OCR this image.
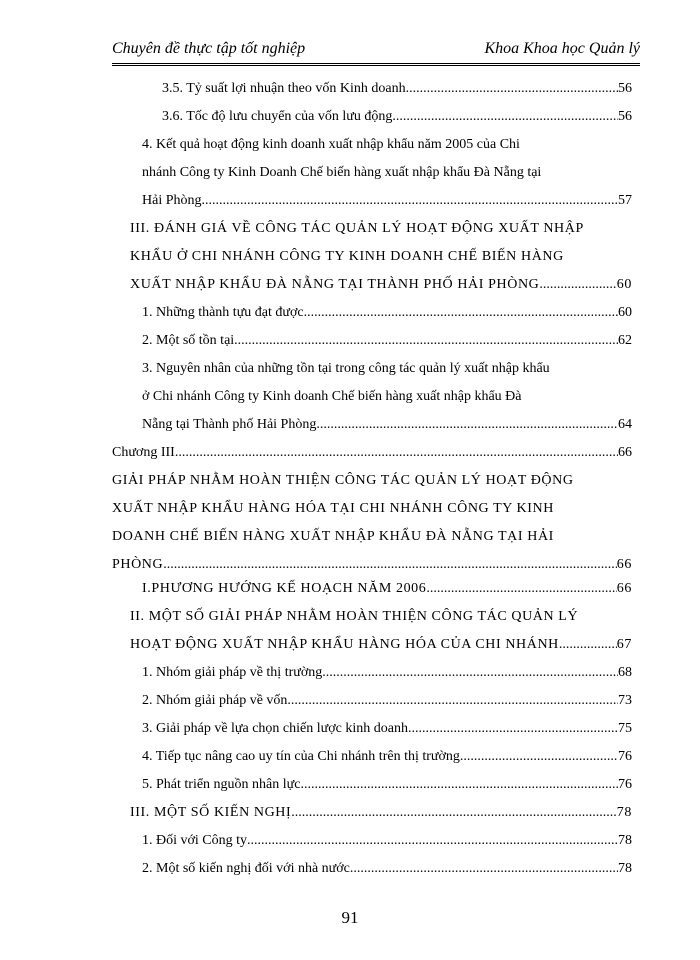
Chuyên đề thực tập tốt nghiệp	Khoa Khoa học Quản lý
3.5. Tỷ suất lợi nhuận theo vốn Kinh doanh. .....	56
3.6. Tốc độ lưu chuyển của vốn lưu động .....	56
4. Kết quả hoạt động kinh doanh xuất nhập khẩu năm 2005 của Chi
nhánh Công ty Kinh Doanh Chế biến hàng xuất nhập khẩu Đà Nẵng tại
Hải Phòng .....	57
III. ĐÁNH GIÁ VỀ CÔNG TÁC QUẢN LÝ HOẠT ĐỘNG XUẤT NHẬP
KHẨU Ở CHI NHÁNH CÔNG TY KINH DOANH CHẾ BIẾN HÀNG
XUẤT NHẬP KHẨU ĐÀ NẴNG TẠI THÀNH PHỐ HẢI PHÒNG .....	60
1. Những thành tựu đạt được .....	60
2. Một số tồn tại. .....	62
3. Nguyên nhân của những tồn tại trong công tác quản lý xuất nhập khẩu
ở Chi nhánh Công ty Kinh doanh Chế biến hàng xuất nhập khẩu Đà
Nẵng tại Thành phố Hải Phòng. .....	64
Chương III .....	66
GIẢI PHÁP NHẰM HOÀN THIỆN CÔNG TÁC QUẢN LÝ HOẠT ĐỘNG
XUẤT NHẬP KHẨU HÀNG HÓA TẠI CHI NHÁNH CÔNG TY KINH
DOANH CHẾ BIẾN HÀNG XUẤT NHẬP KHẨU ĐÀ NẴNG TẠI HẢI
PHÒNG .....	66
I.PHƯƠNG HƯỚNG KẾ HOẠCH NĂM 2006 .....	66
II. MỘT SỐ GIẢI PHÁP NHẰM HOÀN THIỆN CÔNG TÁC QUẢN LÝ
HOẠT ĐỘNG XUẤT NHẬP KHẨU HÀNG HÓA CỦA CHI NHÁNH .....	67
1. Nhóm giải pháp về thị trường .....	68
2. Nhóm giải pháp về vốn. .....	73
3. Giải pháp về lựa chọn chiến lược kinh doanh .....	75
4. Tiếp tục nâng cao uy tín của Chi nhánh trên thị trường .....	76
5. Phát triển nguồn nhân lực .....	76
III. MỘT SỐ KIẾN NGHỊ .....	78
1. Đối với Công ty .....	78
2. Một số kiến nghị đối với nhà nước .....	78
91
